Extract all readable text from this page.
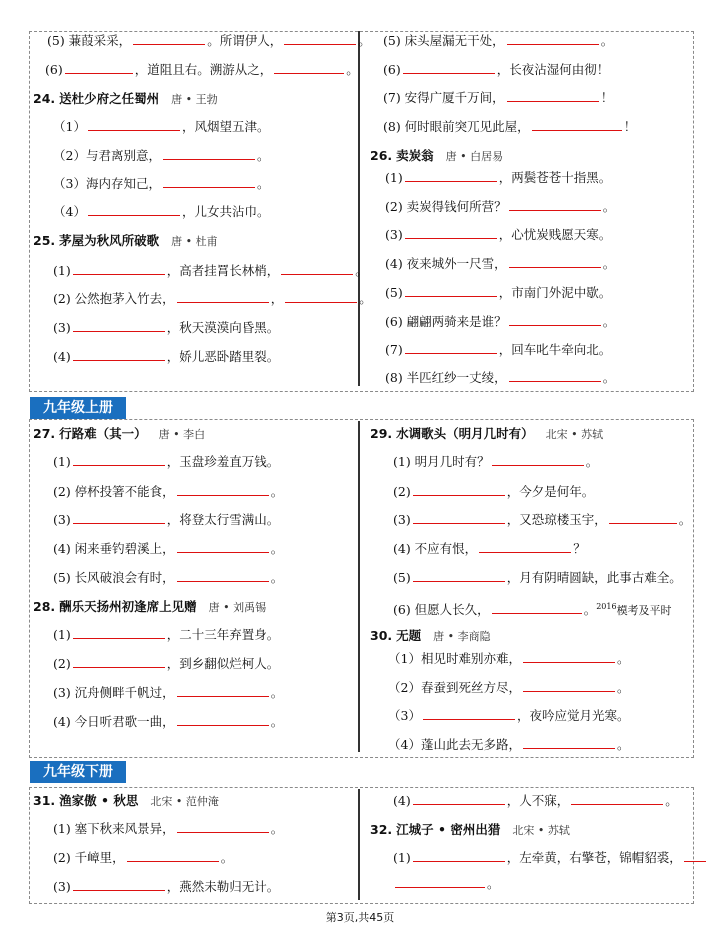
九年级上册
九年级下册
(5) 蒹葭采采，	。所谓伊人，	。
(6)	，道阻且右。溯游从之，	。
24. 送杜少府之任蜀州 唐 • 王勃
（1）	，风烟望五津。
（2）与君离别意，	。
（3）海内存知己，	。
（4）	，儿女共沾巾。
25. 茅屋为秋风所破歌 唐 • 杜甫
(1)	，高者挂罥长林梢，	。
(2) 公然抱茅入竹去，	，	。
(3)	，秋天漠漠向昏黑。
(4)	，娇儿恶卧踏里裂。
(5) 床头屋漏无干处，	。
(6)	，长夜沾湿何由彻！
(7) 安得广厦千万间，	！
(8) 何时眼前突兀见此屋，	！
26. 卖炭翁 唐 • 白居易
(1)	，两鬓苍苍十指黑。
(2) 卖炭得钱何所营？	。
(3)	，心忧炭贱愿天寒。
(4) 夜来城外一尺雪，	。
(5)	，市南门外泥中歇。
(6) 翩翩两骑来是谁？	。
(7)	，回车叱牛牵向北。
(8) 半匹红纱一丈绫，	。
27. 行路难（其一） 唐 • 李白
(1)	，玉盘珍羞直万钱。
(2) 停杯投箸不能食，	。
(3)	，将登太行雪满山。
(4) 闲来垂钓碧溪上，	。
(5) 长风破浪会有时，	。
28. 酬乐天扬州初逢席上见赠 唐 • 刘禹锡
(1)	，二十三年弃置身。
(2)	，到乡翻似烂柯人。
(3) 沉舟侧畔千帆过，	。
(4) 今日听君歌一曲，	。
29. 水调歌头（明月几时有） 北宋 • 苏轼
(1) 明月几时有？	。
(2)	，今夕是何年。
(3)	，又恐琼楼玉宇，	。
(4) 不应有恨，	？
(5)	，月有阴晴圆缺，此事古难全。
(6) 但愿人长久，	。$^{2016}$模考及平时
30. 无题 唐 • 李商隐
（1）相见时难别亦难，	。
（2）春蚕到死丝方尽，	。
（3）	，夜吟应觉月光寒。
（4）蓬山此去无多路，	。
31. 渔家傲 • 秋思 北宋 • 范仲淹
(1) 塞下秋来风景异，	。
(2) 千嶂里，	。
(3)	，燕然未勒归无计。
(4)	，人不寐，	。
32. 江城子 • 密州出猎 北宋 • 苏轼
(1)	，左牵黄，右擎苍，锦帽貂裘，
。
第3页,共45页
